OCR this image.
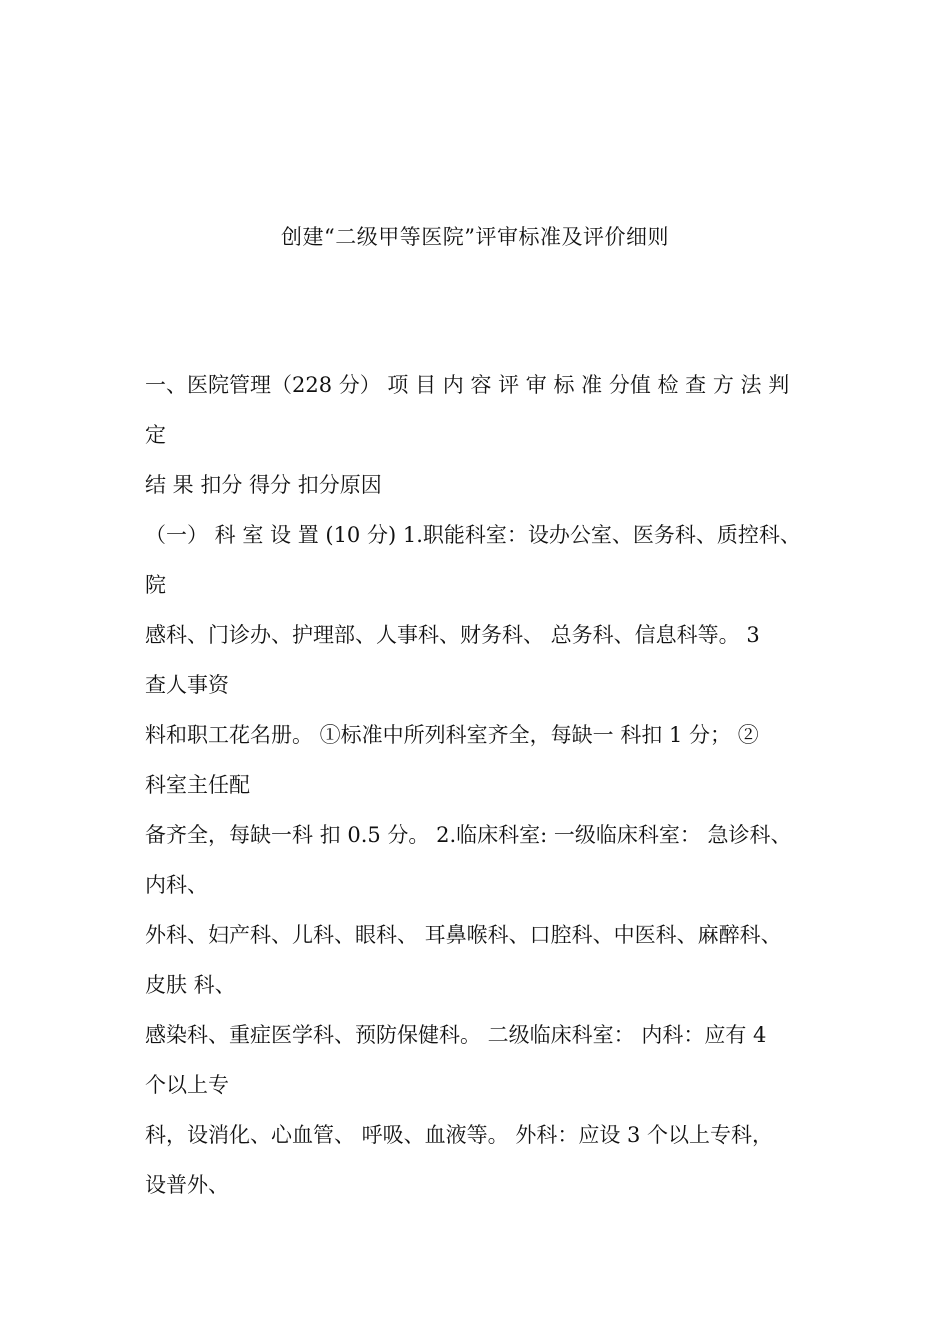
创建“二级甲等医院”评审标准及评价细则
一、医院管理（228 分） 项 目 内 容 评 审 标 准 分值 检 查 方 法 判
定
结 果 扣分 得分 扣分原因
（一） 科 室 设 置 (10 分) 1.职能科室：设办公室、医务科、质控科、
院
感科、门诊办、护理部、人事科、财务科、 总务科、信息科等。 3
查人事资
料和职工花名册。 ①标准中所列科室齐全，每缺一 科扣 1 分； ②
科室主任配
备齐全，每缺一科 扣 0.5 分。 2.临床科室: 一级临床科室： 急诊科、
内科、
外科、妇产科、儿科、眼科、 耳鼻喉科、口腔科、中医科、麻醉科、
皮肤 科、
感染科、重症医学科、预防保健科。 二级临床科室： 内科：应有 4
个以上专
科，设消化、心血管、 呼吸、血液等。 外科：应设 3 个以上专科，
设普外、
